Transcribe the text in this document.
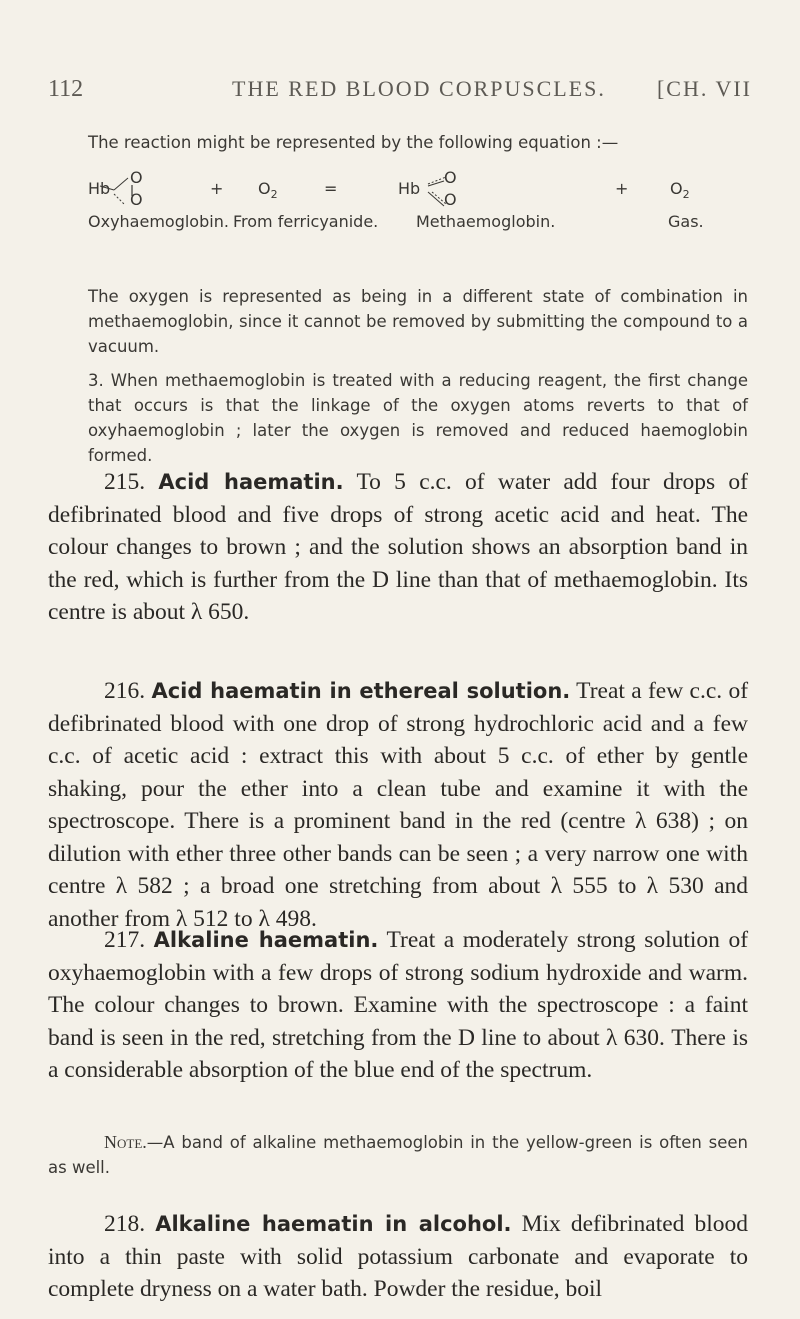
112	THE RED BLOOD CORPUSCLES. [CH. VII

The reaction might be represented by the following equation :—

O
Hb
O
+ $O_2$	=
O
Hb
O
+	$O_2$
Oxyhaemoglobin. From ferricyanide. Methaemoglobin.	Gas.

The oxygen is represented as being in a different state of combination in methaemoglobin, since it cannot be removed by submitting the compound to a vacuum.

3. When methaemoglobin is treated with a reducing reagent, the first change that occurs is that the linkage of the oxygen atoms reverts to that of oxyhaemoglobin ; later the oxygen is removed and reduced haemoglobin formed.

215. Acid haematin. To 5 c.c. of water add four drops of defibrinated blood and five drops of strong acetic acid and heat. The colour changes to brown ; and the solution shows an absorption band in the red, which is further from the D line than that of methaemoglobin. Its centre is about λ 650.

216. Acid haematin in ethereal solution. Treat a few c.c. of defibrinated blood with one drop of strong hydrochloric acid and a few c.c. of acetic acid : extract this with about 5 c.c. of ether by gentle shaking, pour the ether into a clean tube and examine it with the spectroscope. There is a prominent band in the red (centre λ 638) ; on dilution with ether three other bands can be seen ; a very narrow one with centre λ 582 ; a broad one stretching from about λ 555 to λ 530 and another from λ 512 to λ 498.

217. Alkaline haematin. Treat a moderately strong solution of oxyhaemoglobin with a few drops of strong sodium hydroxide and warm. The colour changes to brown. Examine with the spectroscope : a faint band is seen in the red, stretching from the D line to about λ 630. There is a considerable absorption of the blue end of the spectrum.

Note.—A band of alkaline methaemoglobin in the yellow-green is often seen as well.

218. Alkaline haematin in alcohol. Mix defibrinated blood into a thin paste with solid potassium carbonate and evaporate to complete dryness on a water bath. Powder the residue, boil
